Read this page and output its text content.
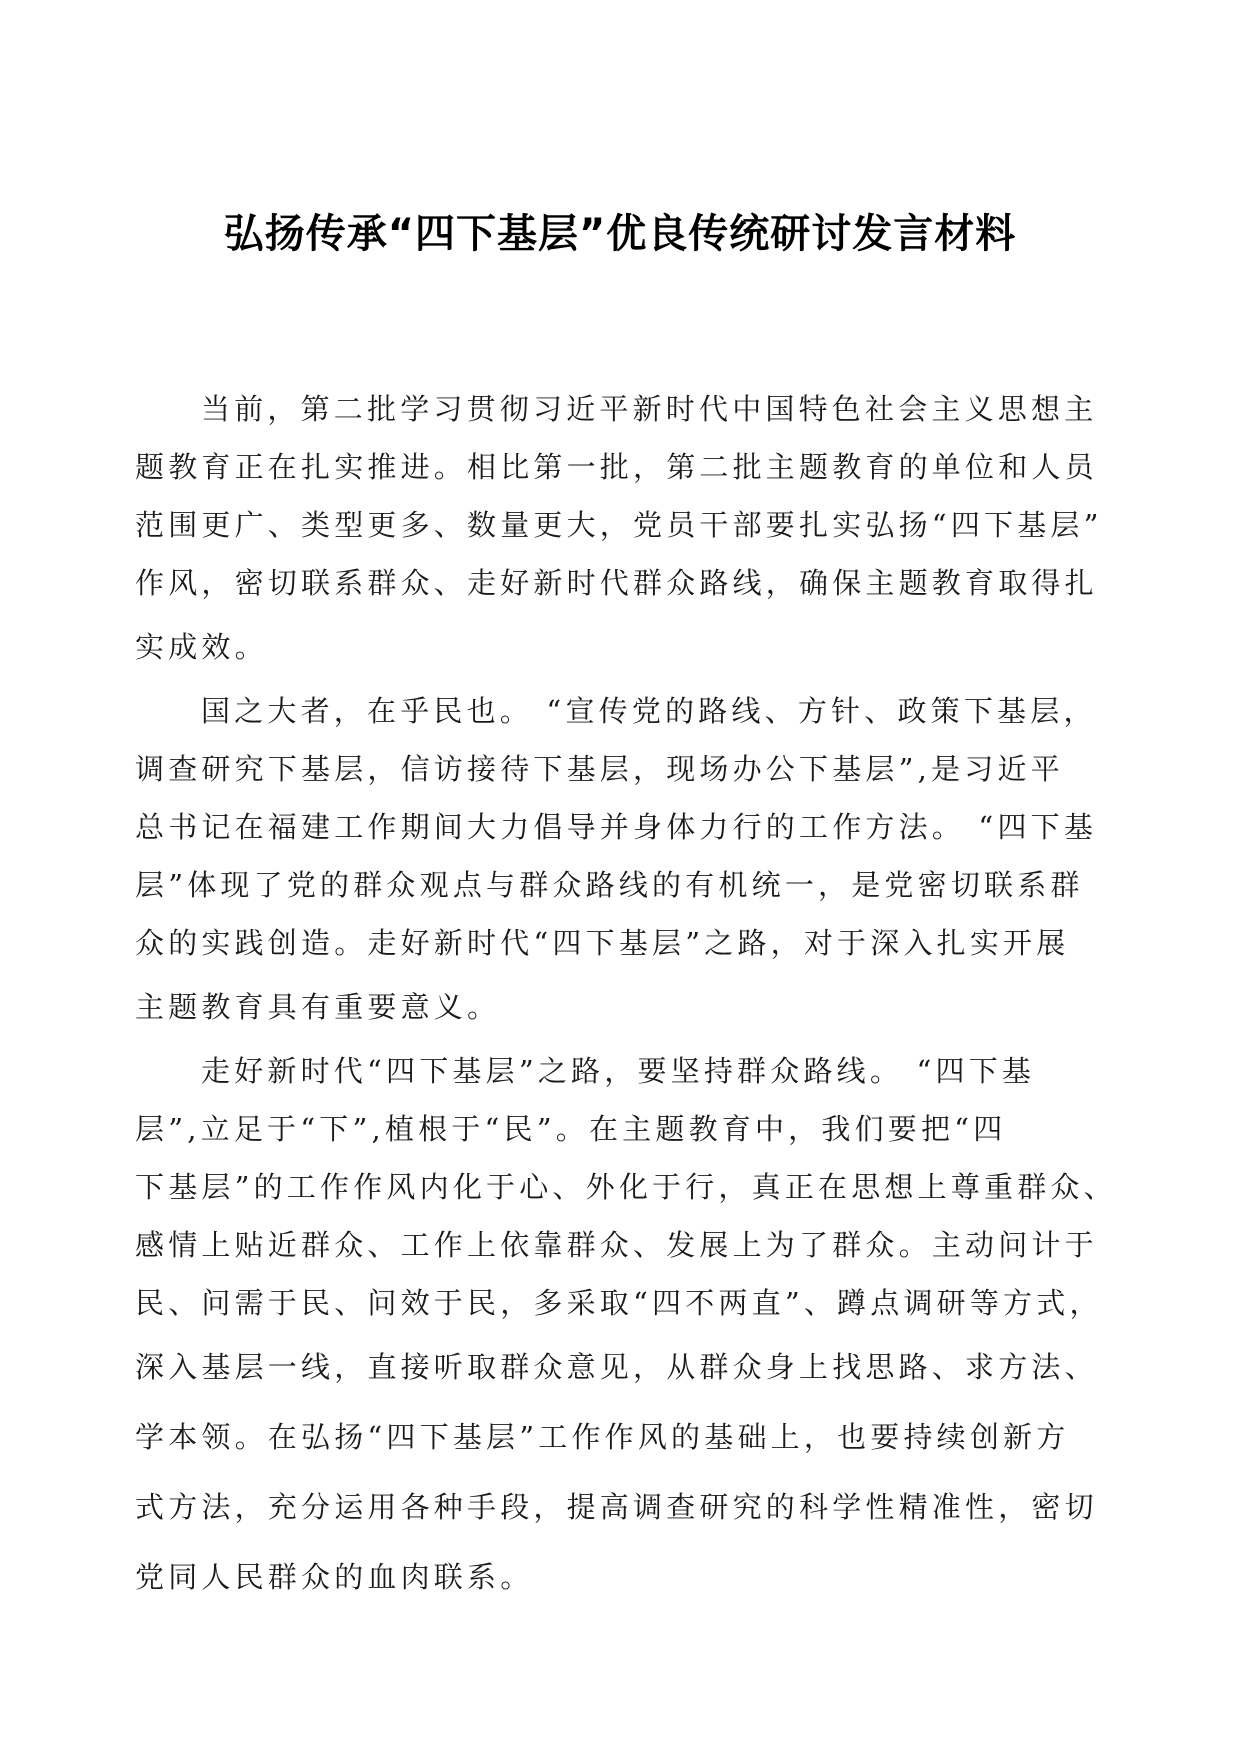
弘扬传承“四下基层”优良传统研讨发言材料
当前，第二批学习贯彻习近平新时代中国特色社会主义思想主
题教育正在扎实推进。相比第一批，第二批主题教育的单位和人员
范围更广、类型更多、数量更大，党员干部要扎实弘扬“四下基层”
作风，密切联系群众、走好新时代群众路线，确保主题教育取得扎
实成效。
国之大者，在乎民也。 “宣传党的路线、方针、政策下基层，
调查研究下基层，信访接待下基层，现场办公下基层”,是习近平
总书记在福建工作期间大力倡导并身体力行的工作方法。 “四下基
层”体现了党的群众观点与群众路线的有机统一，是党密切联系群
众的实践创造。走好新时代“四下基层”之路，对于深入扎实开展
主题教育具有重要意义。
走好新时代“四下基层”之路，要坚持群众路线。 “四下基
层”,立足于“下”,植根于“民”。在主题教育中，我们要把“四
下基层”的工作作风内化于心、外化于行，真正在思想上尊重群众、
感情上贴近群众、工作上依靠群众、发展上为了群众。主动问计于
民、问需于民、问效于民，多采取“四不两直”、蹲点调研等方式，
深入基层一线，直接听取群众意见，从群众身上找思路、求方法、
学本领。在弘扬“四下基层”工作作风的基础上，也要持续创新方
式方法，充分运用各种手段，提高调查研究的科学性精准性，密切
党同人民群众的血肉联系。
